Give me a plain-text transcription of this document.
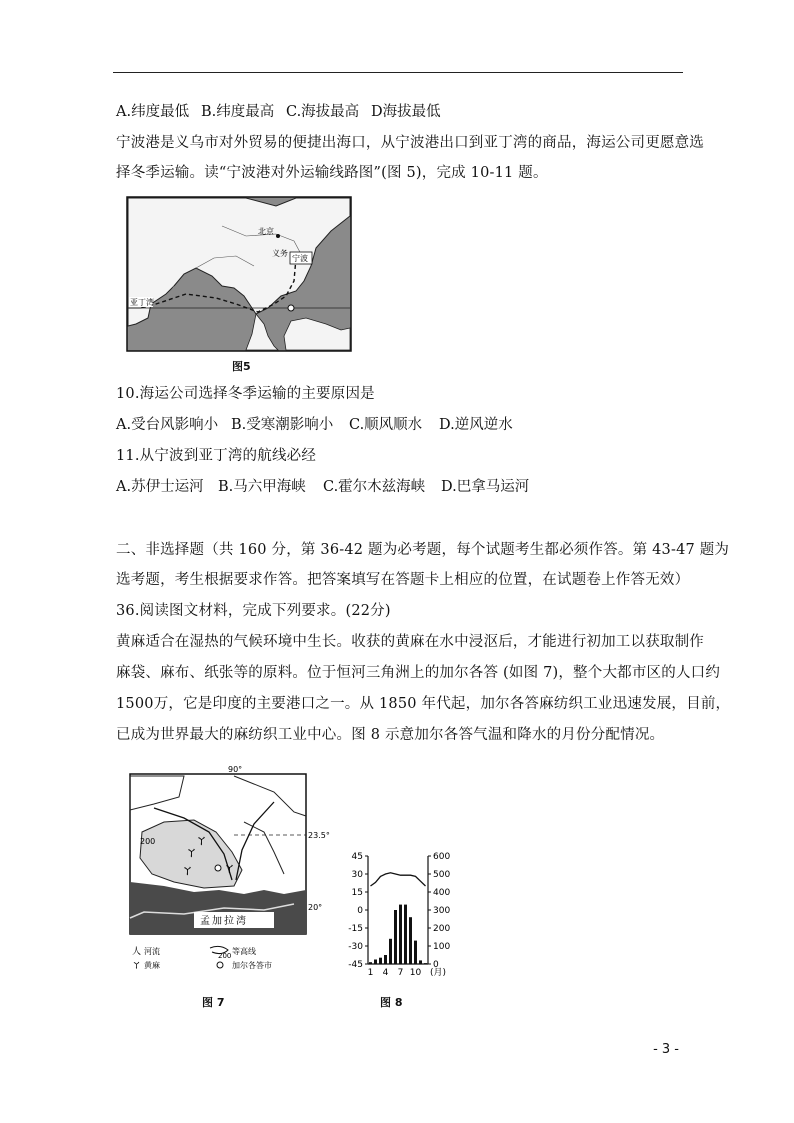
A.纬度最低 B.纬度最高 C.海拔最高 D海拔最低
宁波港是义乌市对外贸易的便捷出海口，从宁波港出口到亚丁湾的商品，海运公司更愿意选
择冬季运输。读“宁波港对外运输线路图”(图 5)，完成 10-11 题。
北京
义务
宁波
亚丁湾
图5
10.海运公司选择冬季运输的主要原因是
A.受台风影响小 B.受寒潮影响小 C.顺风顺水 D.逆风逆水
11.从宁波到亚丁湾的航线必经
A.苏伊士运河 B.马六甲海峡 C.霍尔木兹海峡 D.巴拿马运河
二、非选择题（共 160 分，第 36-42 题为必考题，每个试题考生都必须作答。第 43-47 题为
选考题，考生根据要求作答。把答案填写在答题卡上相应的位置，在试题卷上作答无效）
36.阅读图文材料，完成下列要求。(22分)
黄麻适合在湿热的气候环境中生长。收获的黄麻在水中浸沤后，才能进行初加工以获取制作
麻袋、麻布、纸张等的原料。位于恒河三角洲上的加尔各答 (如图 7)，整个大都市区的人口约
1500万，它是印度的主要港口之一。从 1850 年代起，加尔各答麻纺织工业迅速发展，目前，
已成为世界最大的麻纺织工业中心。图 8 示意加尔各答气温和降水的月份分配情况。
90°
23.5°
20°
200	ㄚ
ㄚ
ㄚ	ㄚ
孟加拉湾
人 河流	200 等高线
ㄚ 黄麻	加尔各答市
图 7
45
30
15
0
-15
-30
-45
600
500
400
300
200
100
0
1 4 7 10 (月)
图 8
- 3 -
